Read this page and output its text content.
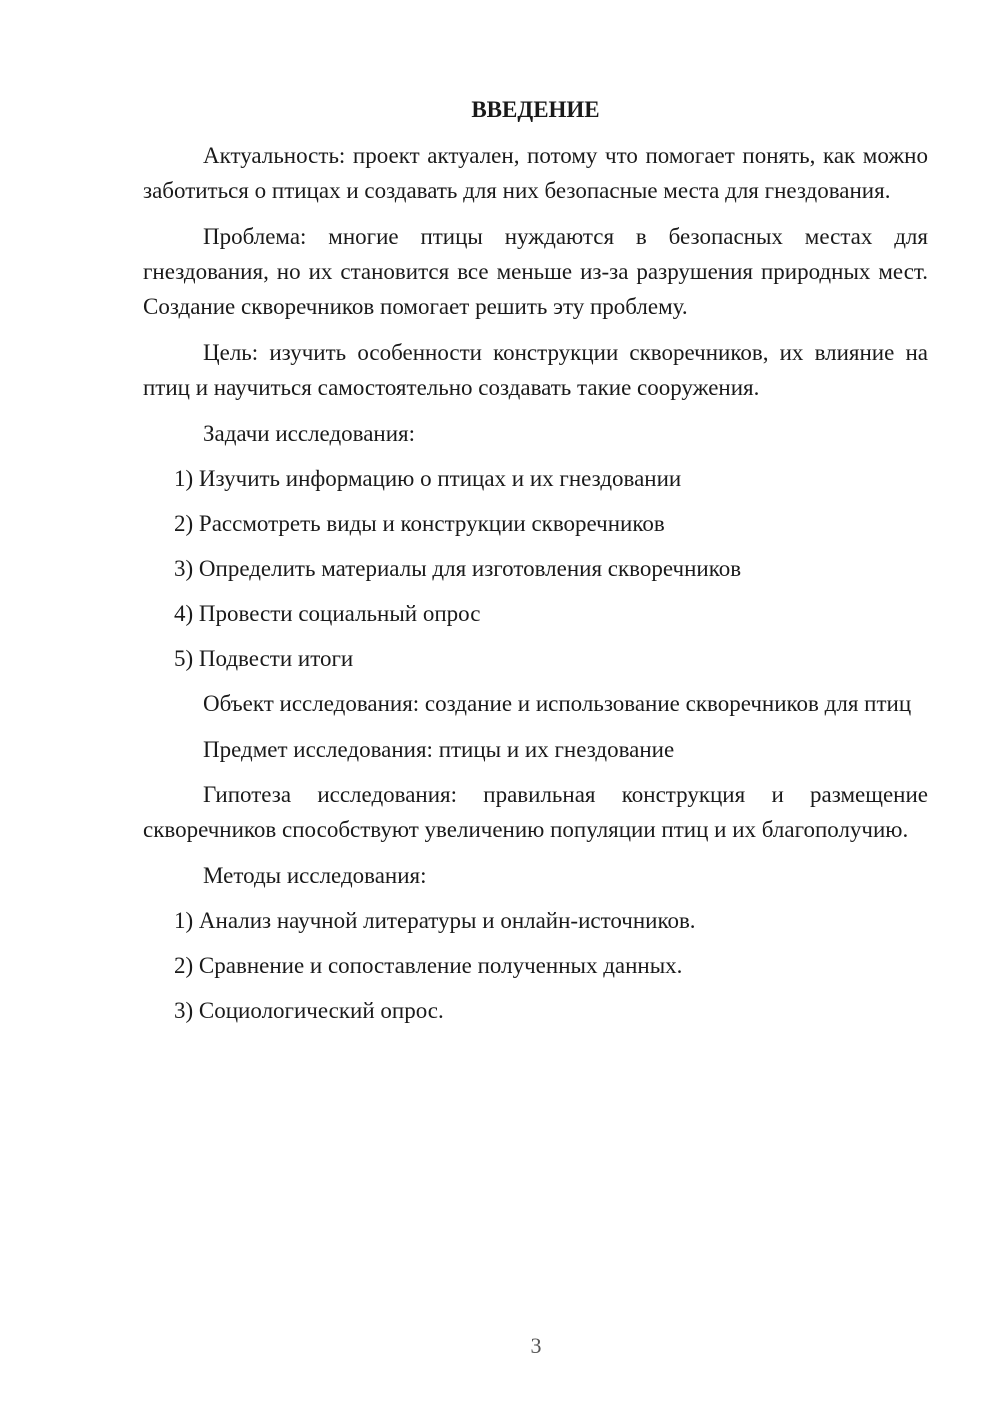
ВВЕДЕНИЕ

Актуальность: проект актуален, потому что помогает понять, как можно заботиться о птицах и создавать для них безопасные места для гнездования.

Проблема: многие птицы нуждаются в безопасных местах для гнездования, но их становится все меньше из-за разрушения природных мест. Создание скворечников помогает решить эту проблему.

Цель: изучить особенности конструкции скворечников, их влияние на птиц и научиться самостоятельно создавать такие сооружения.

Задачи исследования:

1) Изучить информацию о птицах и их гнездовании

2) Рассмотреть виды и конструкции скворечников

3) Определить материалы для изготовления скворечников

4) Провести социальный опрос

5) Подвести итоги

Объект исследования: создание и использование скворечников для птиц

Предмет исследования: птицы и их гнездование

Гипотеза исследования: правильная конструкция и размещение скворечников способствуют увеличению популяции птиц и их благополучию.

Методы исследования:

1) Анализ научной литературы и онлайн-источников.

2) Сравнение и сопоставление полученных данных.

3) Социологический опрос.

3
